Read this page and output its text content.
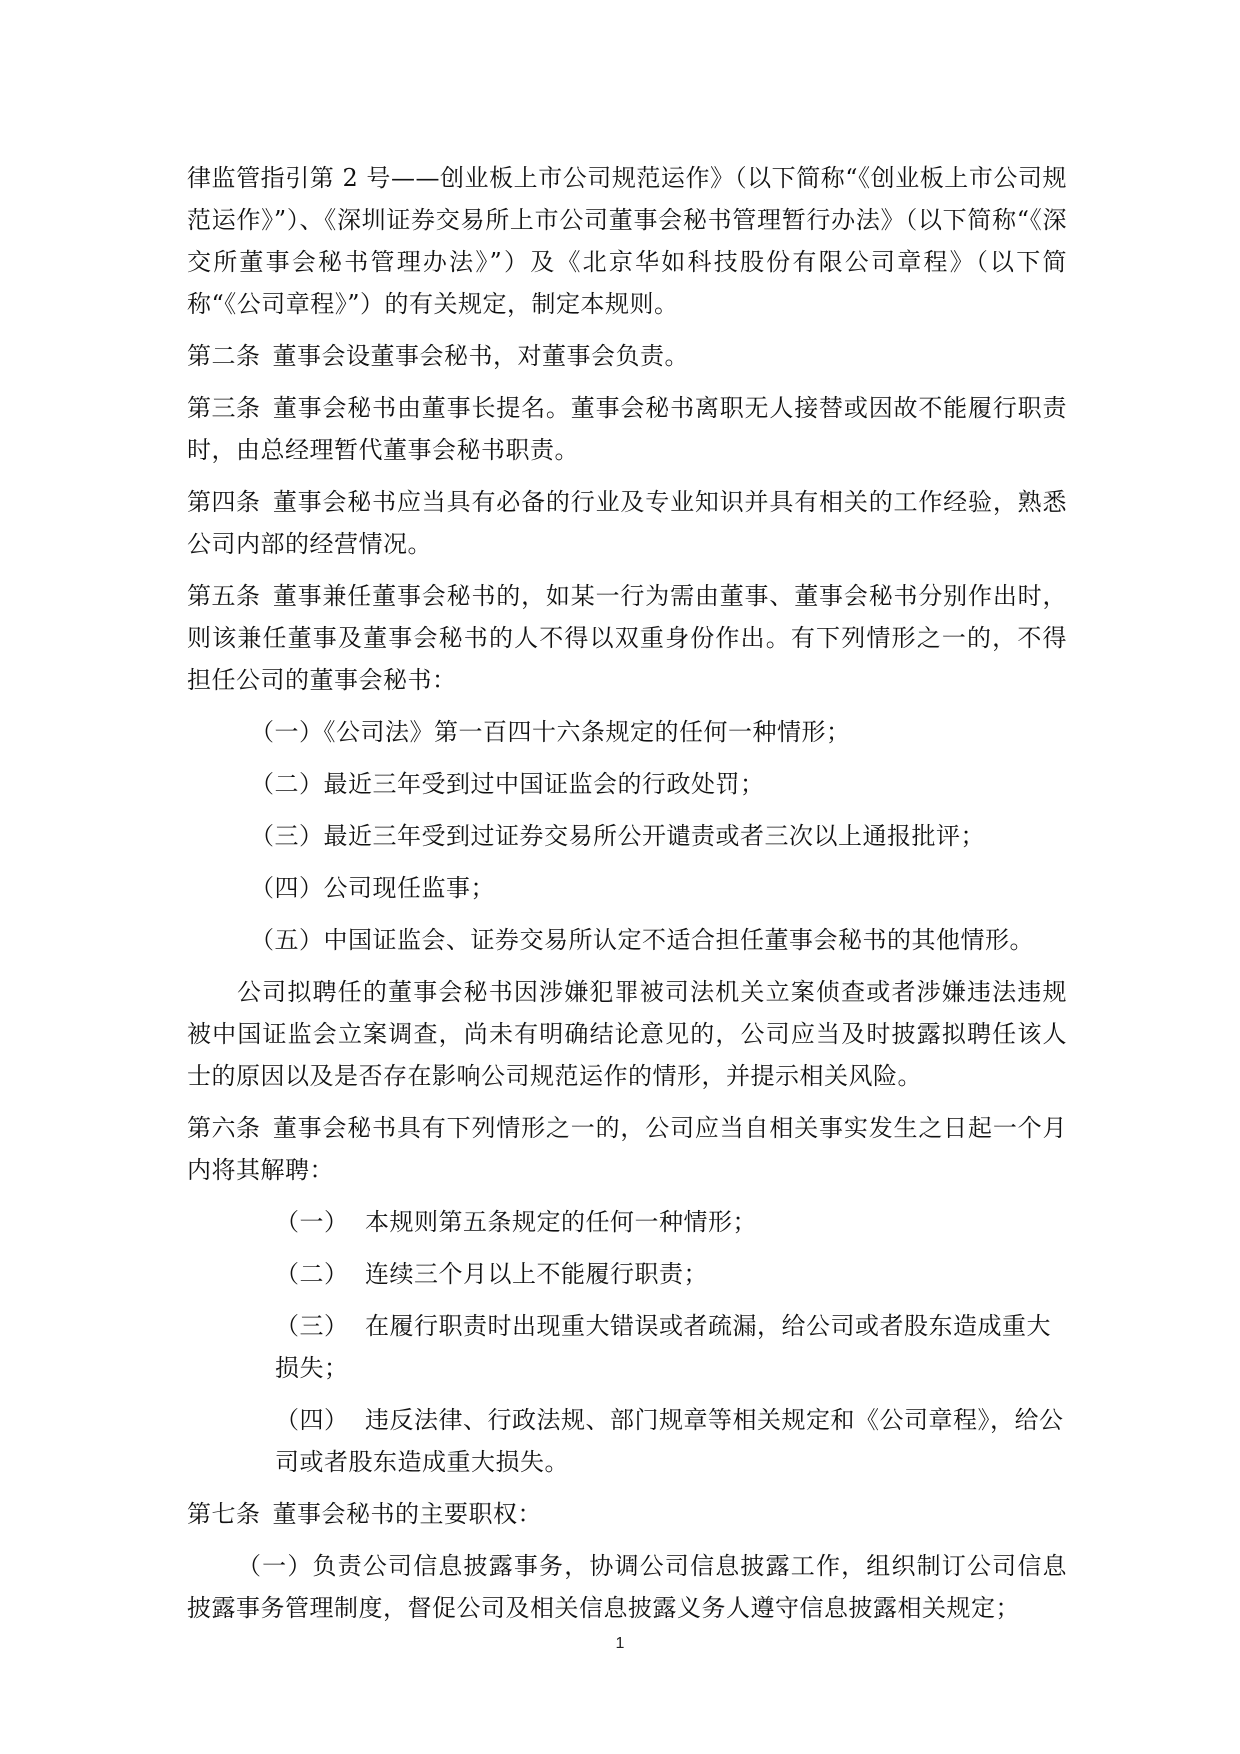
律监管指引第 2 号——创业板上市公司规范运作》（以下简称“《创业板上市公司规范运作》”）、《深圳证券交易所上市公司董事会秘书管理暂行办法》（以下简称“《深交所董事会秘书管理办法》”）及《北京华如科技股份有限公司章程》（以下简称“《公司章程》”）的有关规定，制定本规则。

第二条 董事会设董事会秘书，对董事会负责。

第三条 董事会秘书由董事长提名。董事会秘书离职无人接替或因故不能履行职责时，由总经理暂代董事会秘书职责。

第四条 董事会秘书应当具有必备的行业及专业知识并具有相关的工作经验，熟悉公司内部的经营情况。

第五条 董事兼任董事会秘书的，如某一行为需由董事、董事会秘书分别作出时，则该兼任董事及董事会秘书的人不得以双重身份作出。有下列情形之一的，不得担任公司的董事会秘书：

（一）《公司法》第一百四十六条规定的任何一种情形；

（二）最近三年受到过中国证监会的行政处罚；

（三）最近三年受到过证券交易所公开谴责或者三次以上通报批评；

（四）公司现任监事；

（五）中国证监会、证券交易所认定不适合担任董事会秘书的其他情形。

公司拟聘任的董事会秘书因涉嫌犯罪被司法机关立案侦查或者涉嫌违法违规被中国证监会立案调查，尚未有明确结论意见的，公司应当及时披露拟聘任该人士的原因以及是否存在影响公司规范运作的情形，并提示相关风险。

第六条 董事会秘书具有下列情形之一的，公司应当自相关事实发生之日起一个月内将其解聘：

（一） 本规则第五条规定的任何一种情形；

（二） 连续三个月以上不能履行职责；

（三） 在履行职责时出现重大错误或者疏漏，给公司或者股东造成重大损失；

（四） 违反法律、行政法规、部门规章等相关规定和《公司章程》，给公司或者股东造成重大损失。

第七条 董事会秘书的主要职权：

（一）负责公司信息披露事务，协调公司信息披露工作，组织制订公司信息披露事务管理制度，督促公司及相关信息披露义务人遵守信息披露相关规定；

1
